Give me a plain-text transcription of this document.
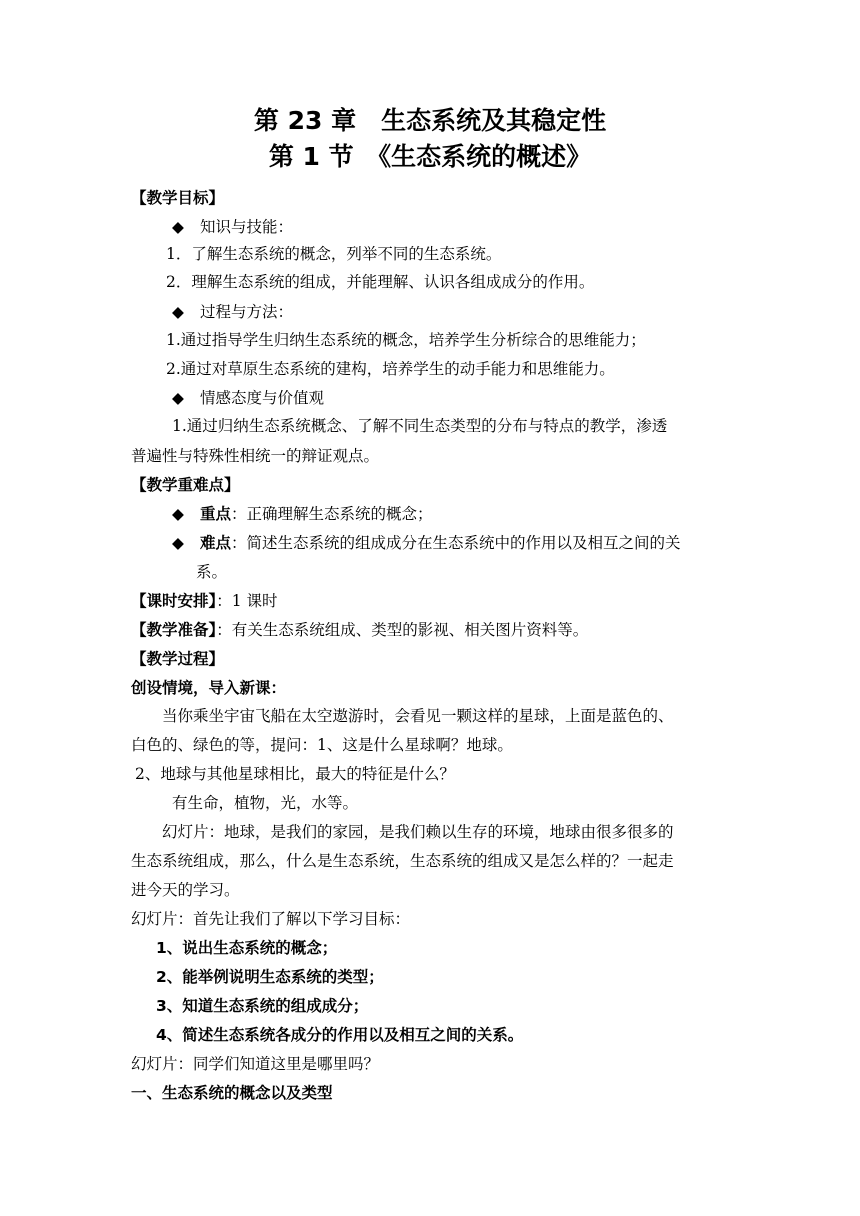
第 23 章　生态系统及其稳定性
第 1 节　《生态系统的概述》
【教学目标】
◆ 知识与技能：
1．了解生态系统的概念，列举不同的生态系统。
2．理解生态系统的组成，并能理解、认识各组成成分的作用。
◆ 过程与方法：
1.通过指导学生归纳生态系统的概念，培养学生分析综合的思维能力；
2.通过对草原生态系统的建构，培养学生的动手能力和思维能力。
◆ 情感态度与价值观
1.通过归纳生态系统概念、了解不同生态类型的分布与特点的教学，渗透
普遍性与特殊性相统一的辩证观点。
【教学重难点】
◆ 重点：正确理解生态系统的概念；
◆ 难点：简述生态系统的组成成分在生态系统中的作用以及相互之间的关
系。
【课时安排】：1 课时
【教学准备】：有关生态系统组成、类型的影视、相关图片资料等。
【教学过程】
创设情境，导入新课：
当你乘坐宇宙飞船在太空遨游时，会看见一颗这样的星球，上面是蓝色的、
白色的、绿色的等，提问：1、这是什么星球啊？地球。
2、地球与其他星球相比，最大的特征是什么？
有生命，植物，光，水等。
幻灯片：地球，是我们的家园，是我们赖以生存的环境，地球由很多很多的
生态系统组成，那么，什么是生态系统，生态系统的组成又是怎么样的？一起走
进今天的学习。
幻灯片：首先让我们了解以下学习目标：
1、说出生态系统的概念；
2、能举例说明生态系统的类型；
3、知道生态系统的组成成分；
4、简述生态系统各成分的作用以及相互之间的关系。
幻灯片：同学们知道这里是哪里吗？
一、生态系统的概念以及类型
